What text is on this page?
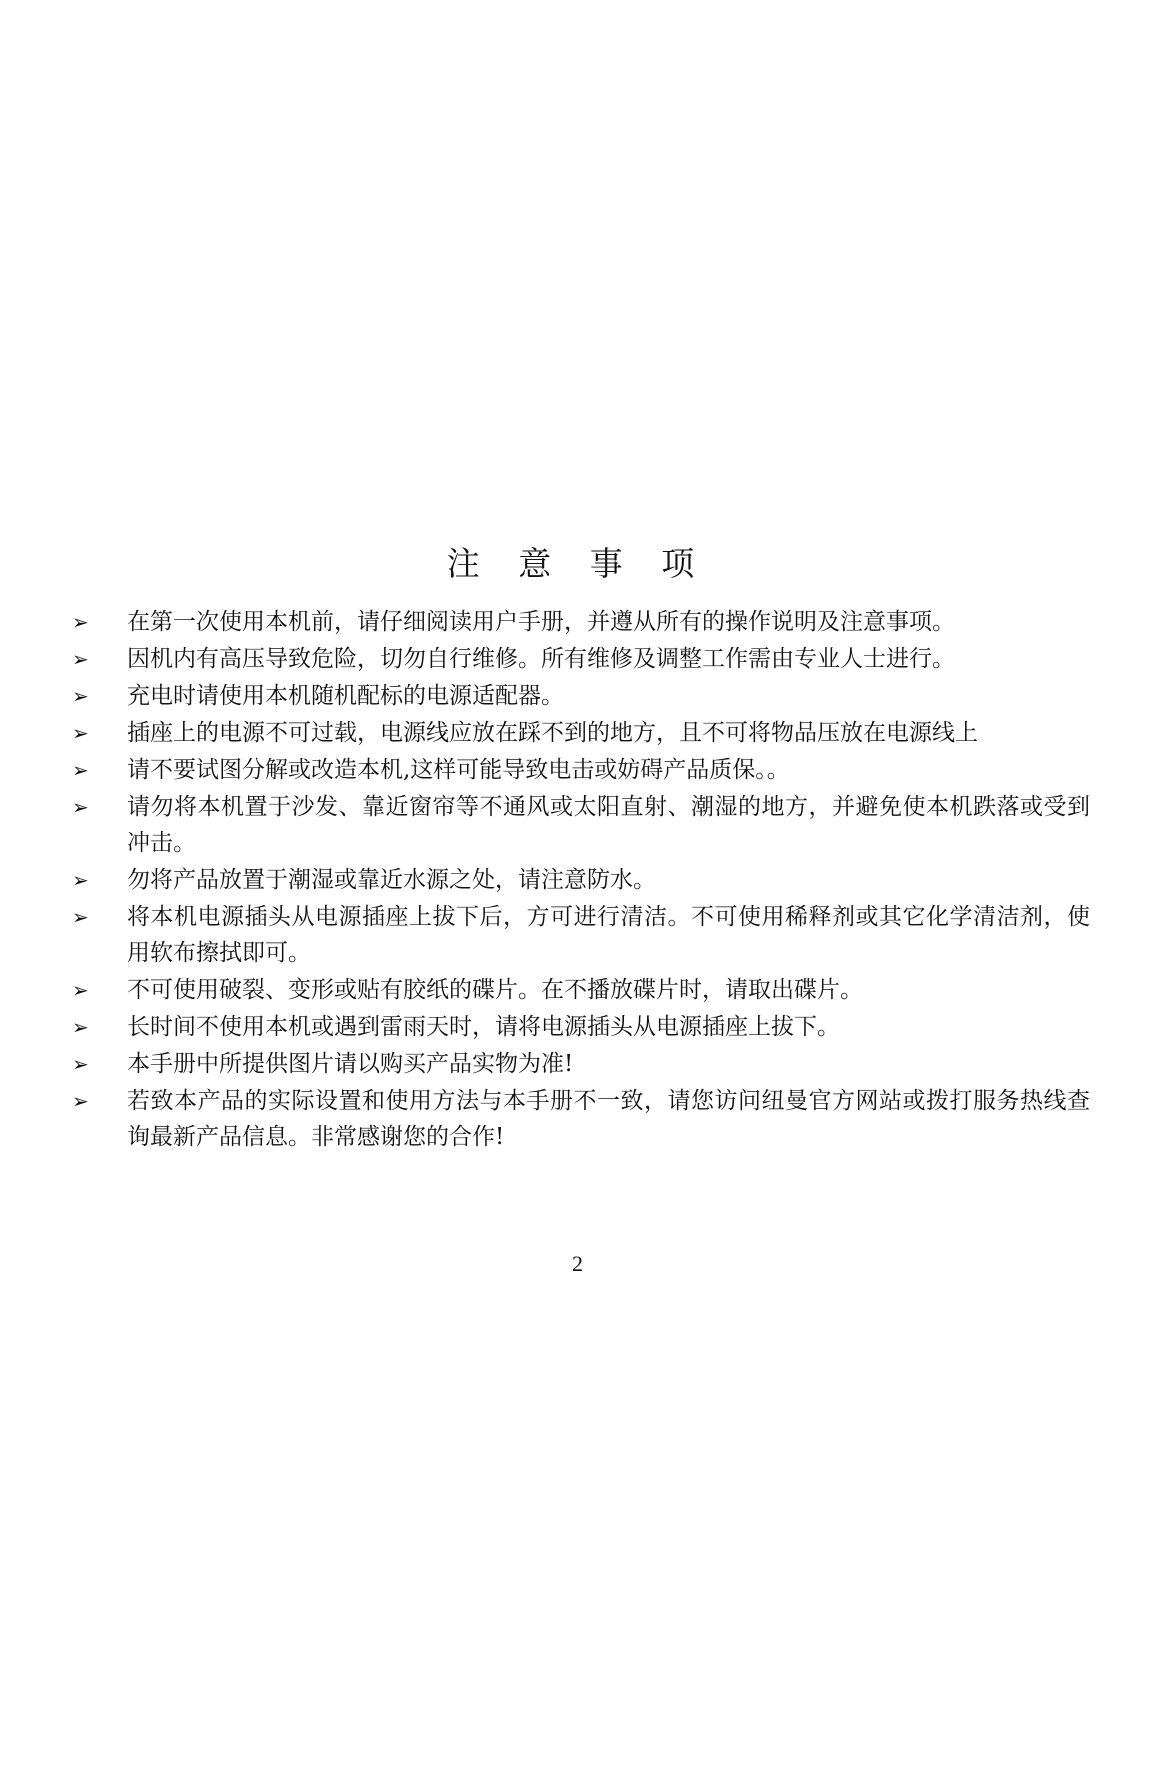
注 意 事 项
➢	在第一次使用本机前，请仔细阅读用户手册，并遵从所有的操作说明及注意事项。
➢	因机内有高压导致危险，切勿自行维修。所有维修及调整工作需由专业人士进行。
➢	充电时请使用本机随机配标的电源适配器。
➢	插座上的电源不可过载，电源线应放在踩不到的地方，且不可将物品压放在电源线上
➢	请不要试图分解或改造本机,这样可能导致电击或妨碍产品质保。。
➢	请勿将本机置于沙发、靠近窗帘等不通风或太阳直射、潮湿的地方，并避免使本机跌落或受到冲击。
➢	勿将产品放置于潮湿或靠近水源之处，请注意防水。
➢	将本机电源插头从电源插座上拔下后，方可进行清洁。不可使用稀释剂或其它化学清洁剂，使用软布擦拭即可。
➢	不可使用破裂、变形或贴有胶纸的碟片。在不播放碟片时，请取出碟片。
➢	长时间不使用本机或遇到雷雨天时，请将电源插头从电源插座上拔下。
➢	本手册中所提供图片请以购买产品实物为准!
➢	若致本产品的实际设置和使用方法与本手册不一致，请您访问纽曼官方网站或拨打服务热线查询最新产品信息。非常感谢您的合作!
2
